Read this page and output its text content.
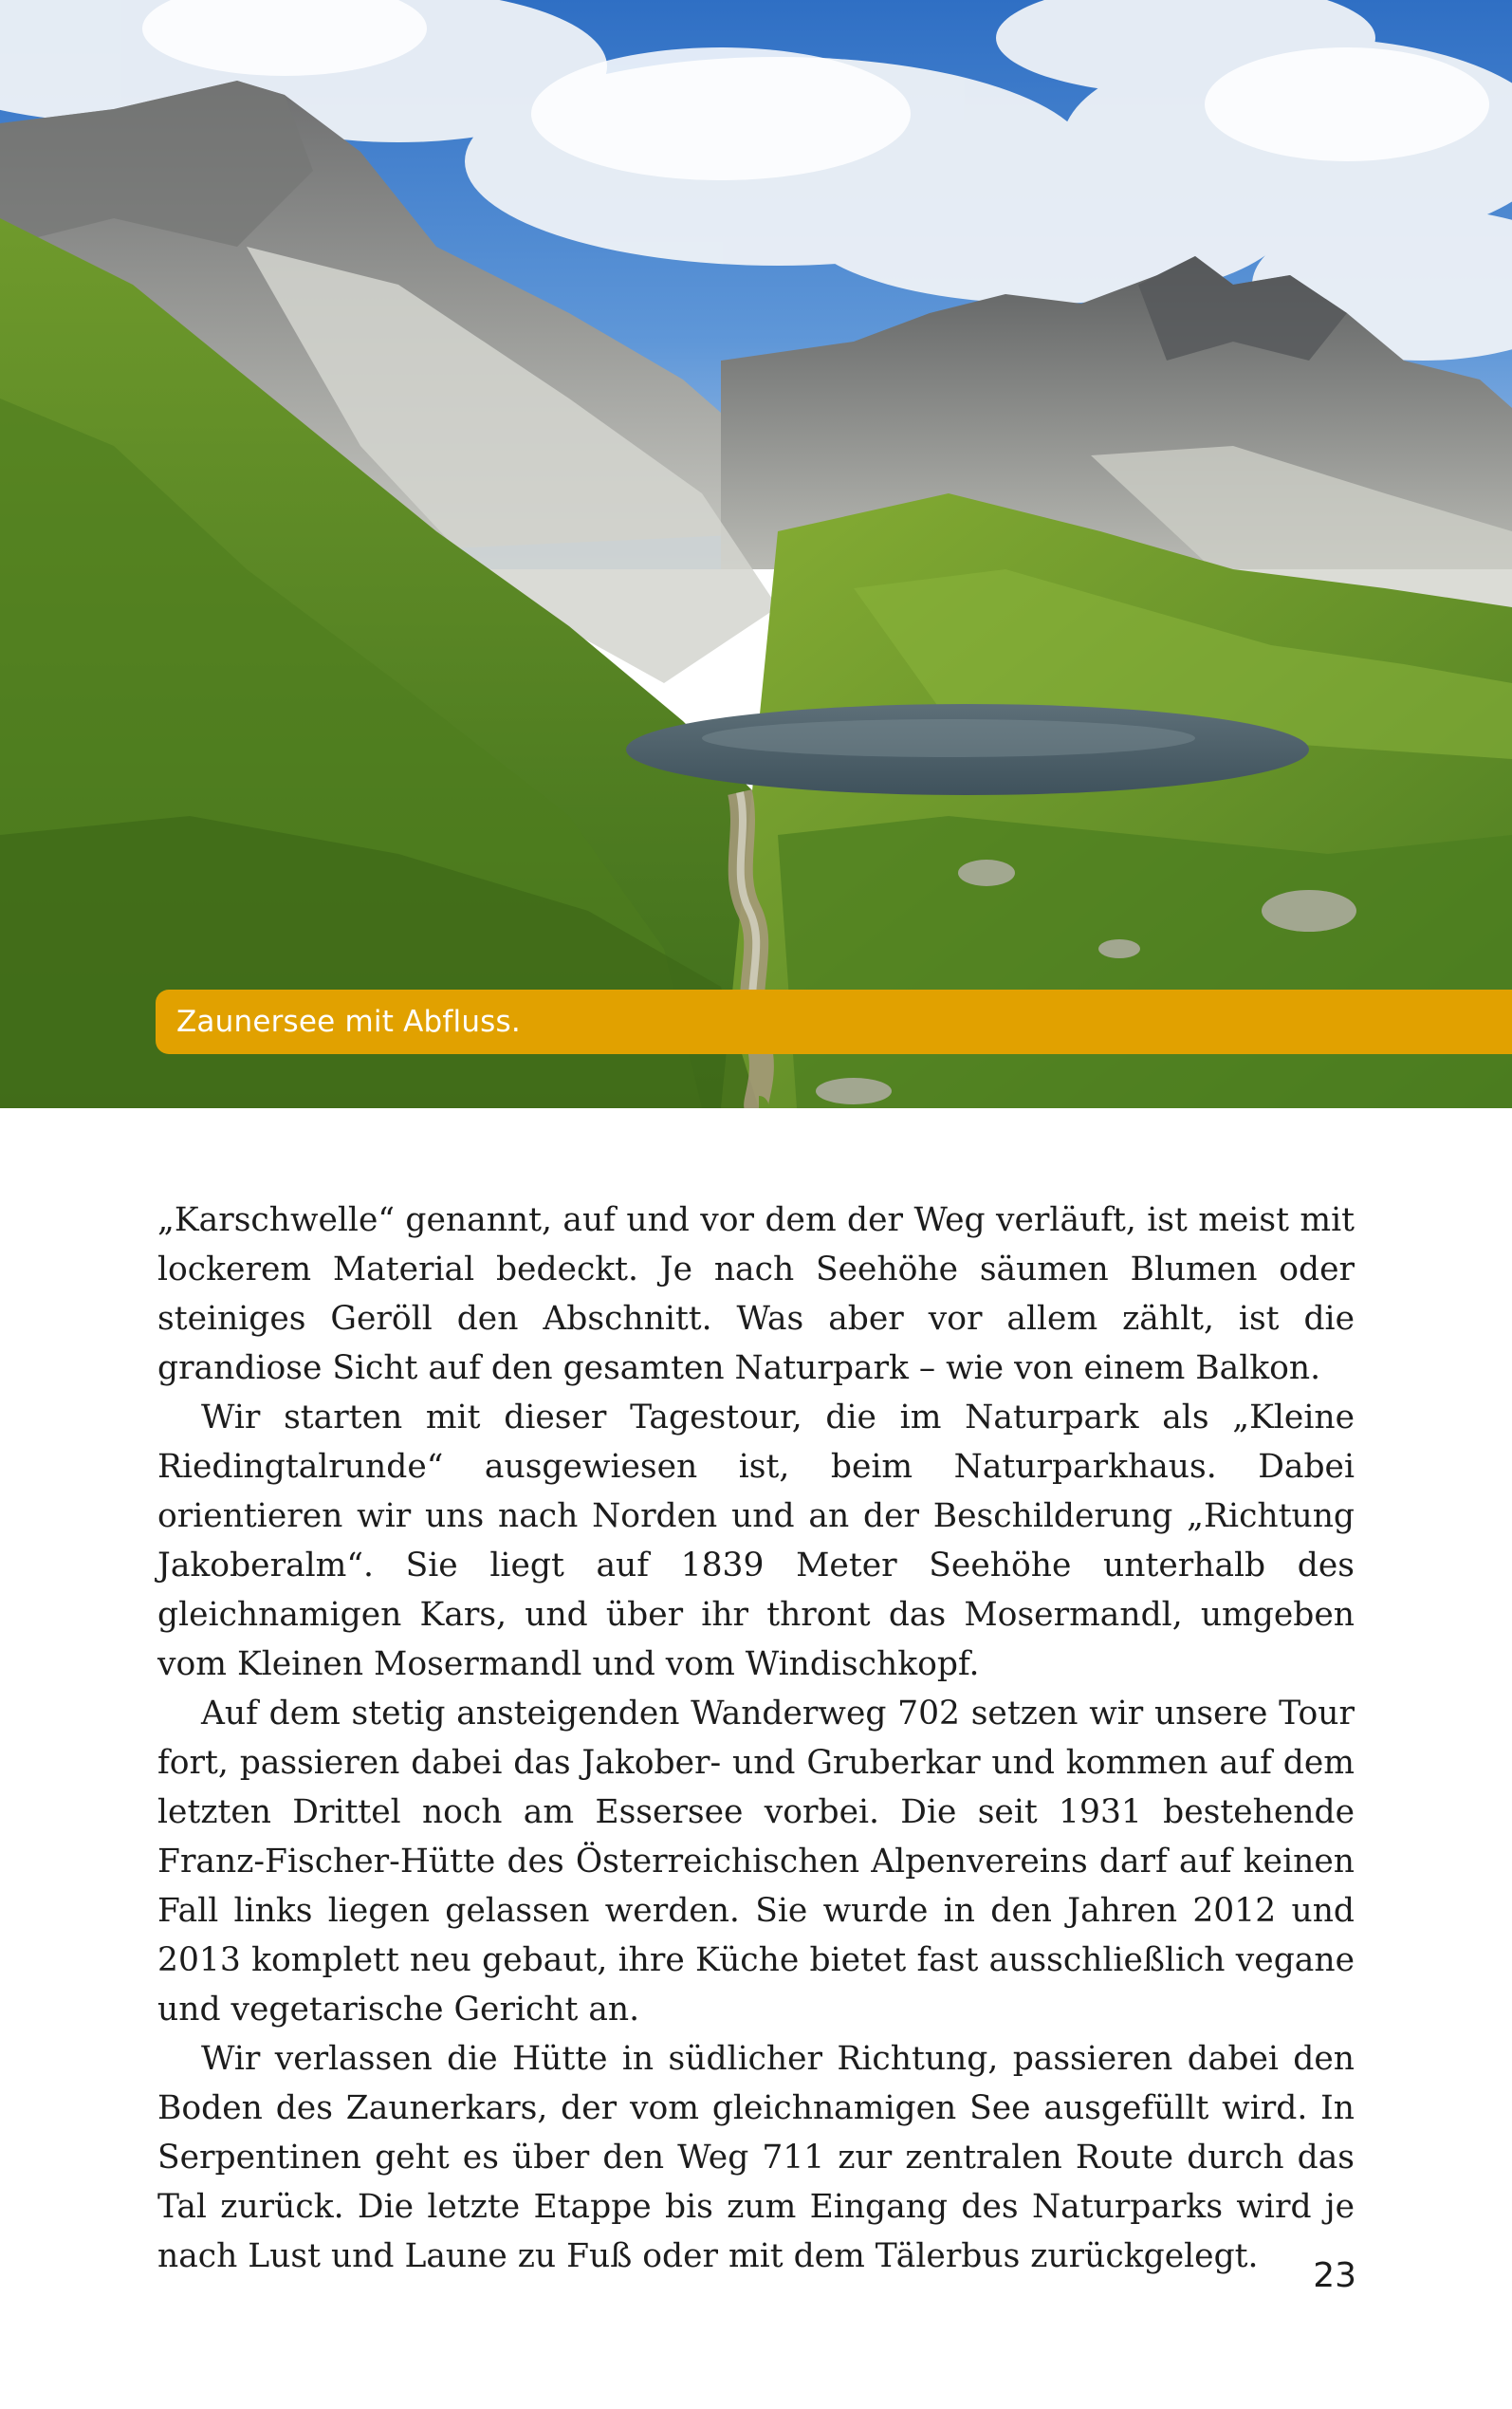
Zaunersee mit Abfluss.

„Karschwelle“ genannt, auf und vor dem der Weg verläuft, ist meist mit lockerem Material bedeckt. Je nach Seehöhe säumen Blumen oder steiniges Geröll den Abschnitt. Was aber vor allem zählt, ist die grandiose Sicht auf den gesamten Naturpark – wie von einem Balkon.

Wir starten mit dieser Tagestour, die im Naturpark als „Kleine Riedingtalrunde“ ausgewiesen ist, beim Naturparkhaus. Dabei orientieren wir uns nach Norden und an der Beschilderung „Richtung Jakoberalm“. Sie liegt auf 1839 Meter Seehöhe unterhalb des gleichnamigen Kars, und über ihr thront das Mosermandl, umgeben vom Kleinen Mosermandl und vom Windischkopf.

Auf dem stetig ansteigenden Wanderweg 702 setzen wir unsere Tour fort, passieren dabei das Jakober- und Gruberkar und kommen auf dem letzten Drittel noch am Essersee vorbei. Die seit 1931 bestehende Franz-Fischer-Hütte des Österreichischen Alpenvereins darf auf keinen Fall links liegen gelassen werden. Sie wurde in den Jahren 2012 und 2013 komplett neu gebaut, ihre Küche bietet fast ausschließlich vegane und vegetarische Gericht an.

Wir verlassen die Hütte in südlicher Richtung, passieren dabei den Boden des Zaunerkars, der vom gleichnamigen See ausgefüllt wird. In Serpentinen geht es über den Weg 711 zur zentralen Route durch das Tal zurück. Die letzte Etappe bis zum Eingang des Naturparks wird je nach Lust und Laune zu Fuß oder mit dem Tälerbus zurückgelegt.	23
